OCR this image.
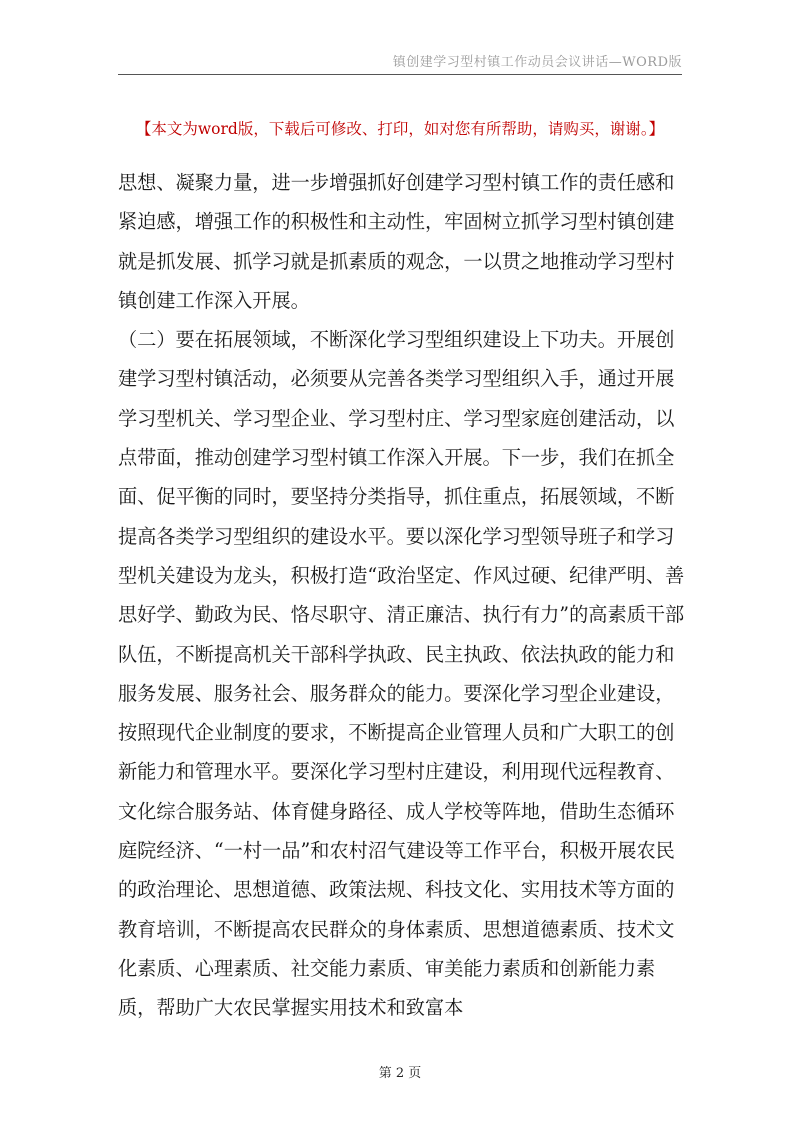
镇创建学习型村镇工作动员会议讲话—WORD版
【本文为word版，下载后可修改、打印，如对您有所帮助，请购买，谢谢。】

思想、凝聚力量，进一步增强抓好创建学习型村镇工作的责任感和紧迫感，增强工作的积极性和主动性，牢固树立抓学习型村镇创建就是抓发展、抓学习就是抓素质的观念，一以贯之地推动学习型村镇创建工作深入开展。

（二）要在拓展领域，不断深化学习型组织建设上下功夫。开展创建学习型村镇活动，必须要从完善各类学习型组织入手，通过开展学习型机关、学习型企业、学习型村庄、学习型家庭创建活动，以点带面，推动创建学习型村镇工作深入开展。下一步，我们在抓全面、促平衡的同时，要坚持分类指导，抓住重点，拓展领域，不断提高各类学习型组织的建设水平。要以深化学习型领导班子和学习型机关建设为龙头，积极打造“政治坚定、作风过硬、纪律严明、善思好学、勤政为民、恪尽职守、清正廉洁、执行有力”的高素质干部队伍，不断提高机关干部科学执政、民主执政、依法执政的能力和服务发展、服务社会、服务群众的能力。要深化学习型企业建设，按照现代企业制度的要求，不断提高企业管理人员和广大职工的创新能力和管理水平。要深化学习型村庄建设，利用现代远程教育、文化综合服务站、体育健身路径、成人学校等阵地，借助生态循环庭院经济、“一村一品”和农村沼气建设等工作平台，积极开展农民的政治理论、思想道德、政策法规、科技文化、实用技术等方面的教育培训，不断提高农民群众的身体素质、思想道德素质、技术文化素质、心理素质、社交能力素质、审美能力素质和创新能力素质，帮助广大农民掌握实用技术和致富本

第 2 页
